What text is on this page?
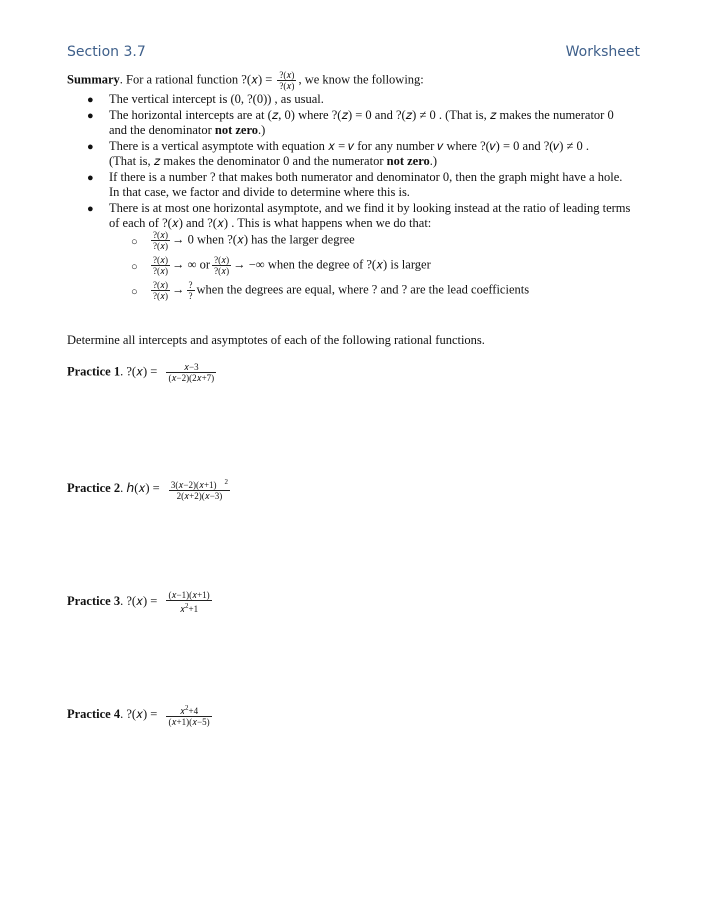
Section 3.7	Worksheet
Summary. For a rational function ?(𝑥) = $\frac{\text{?(𝑥)}}{\text{?(𝑥)}}$ , we know the following:
● The vertical intercept is (0, ?(0)) , as usual.
● The horizontal intercepts are at (𝑧, 0) where ?(𝑧) = 0 and ?(𝑧) ≠ 0 . (That is, 𝑧 makes the numerator 0
and the denominator not zero.)
● There is a vertical asymptote with equation 𝑥 = 𝑣 for any number 𝑣 where ?(𝑣) = 0 and ?(𝑣) ≠ 0 .
(That is, 𝑧 makes the denominator 0 and the numerator not zero.)
● If there is a number ? that makes both numerator and denominator 0, then the graph might have a hole.
In that case, we factor and divide to determine where this is.
● There is at most one horizontal asymptote, and we find it by looking instead at the ratio of leading terms
of each of ?(𝑥) and ?(𝑥) . This is what happens when we do that:
○ $\frac{\text{?(𝑥)}}{\text{?(𝑥)}} \to 0$ when ?(𝑥) has the larger degree
○ $\frac{\text{?(𝑥)}}{\text{?(𝑥)}}$ → ∞ or $\frac{\text{?(𝑥)}}{\text{?(𝑥)}}$ → −∞ when the degree of ?(𝑥) is larger
○ $\frac{\text{?(𝑥)}}{\text{?(𝑥)}} \to \frac{?}{?}$ when the degrees are equal, where ? and ? are the lead coefficients
Determine all intercepts and asymptotes of each of the following rational functions.
Practice 1. ?(𝑥) = $\frac{\text{𝑥−3}}{\text{(𝑥−2)(2𝑥+7)}}$
Practice 2. ℎ(𝑥) = $\frac{3(𝑥-2)(𝑥+1) ^2}{\text{2(𝑥+2)(𝑥−3)}}$
Practice 3. ?(𝑥) = $\frac{\text{(𝑥−1)(𝑥+1)}}{𝑥^2+1}$
Practice 4. ?(𝑥) = $\frac{𝑥^2+4}{\text{(𝑥+1)(𝑥−5)}}$
